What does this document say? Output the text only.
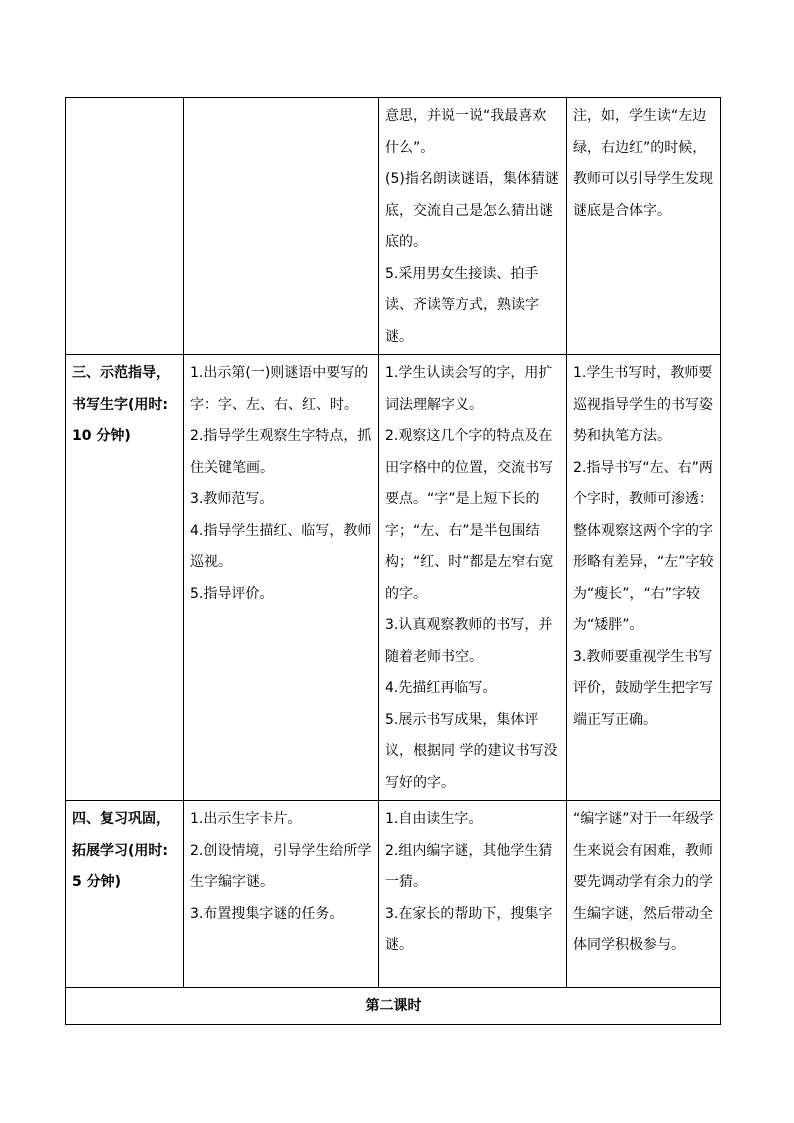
		意思，并说一说“我最喜欢什么”。
(5)指名朗读谜语，集体猜谜底，交流自己是怎么猜出谜底的。
5.采用男女生接读、拍手读、齐读等方式，熟读字谜。	注，如，学生读“左边绿，右边红”的时候，教师可以引导学生发现谜底是合体字。

三、示范指导，
书写生字(用时:
10 分钟)	1.出示第(一)则谜语中要写的字：字、左、右、红、时。
2.指导学生观察生字特点，抓住关键笔画。
3.教师范写。
4.指导学生描红、临写，教师巡视。
5.指导评价。	1.学生认读会写的字，用扩词法理解字义。
2.观察这几个字的特点及在田字格中的位置，交流书写要点。“字”是上短下长的字；“左、右”是半包围结构；“红、时”都是左窄右宽的字。
3.认真观察教师的书写，并随着老师书空。
4.先描红再临写。
5.展示书写成果，集体评议，根据同 学的建议书写没写好的字。	1.学生书写时，教师要巡视指导学生的书写姿势和执笔方法。
2.指导书写“左、右”两个字时，教师可渗透：整体观察这两个字的字形略有差异，“左”字较为“瘦长”，“右”字较为“矮胖”。
3.教师要重视学生书写评价，鼓励学生把字写端正写正确。

四、复习巩固，
拓展学习(用时:
5 分钟)	1.出示生字卡片。
2.创设情境，引导学生给所学生字编字谜。
3.布置搜集字谜的任务。	1.自由读生字。
2.组内编字谜，其他学生猜一猜。
3.在家长的帮助下，搜集字谜。	“编字谜”对于一年级学生来说会有困难，教师要先调动学有余力的学生编字谜，然后带动全体同学积极参与。

第二课时			
